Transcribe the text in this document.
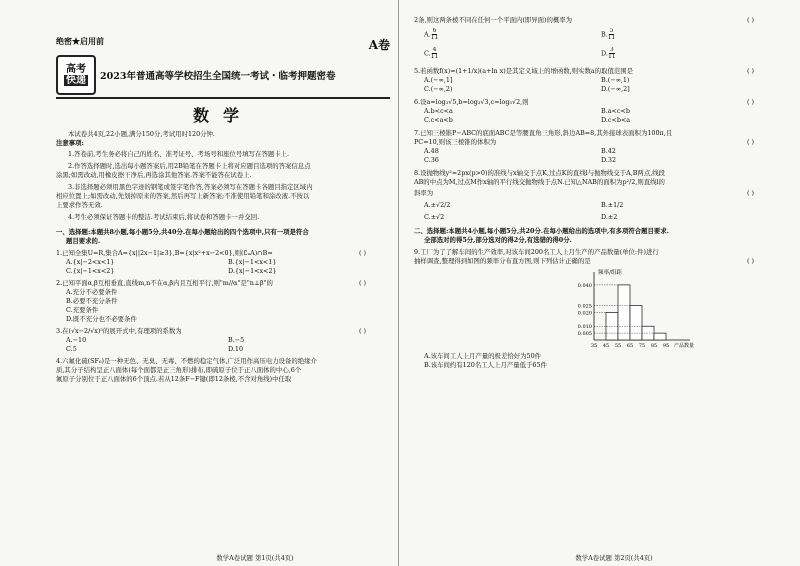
绝密★启用前	A卷
高考
快递 2023年普通高等学校招生全国统一考试・临考押题密卷
数学

本试卷共4页,22小题,满分150分,考试用时120分钟.

注意事项:

1.答卷前,考生务必将自己的姓名、准考证号、考场号和座位号填写在答题卡上.

2.作答选择题时,选出每小题答案后,用2B铅笔在答题卡上将对应题目选项的答案信息点

涂黑;如需改动,用橡皮擦干净后,再选涂其他答案.答案不能答在试卷上.

3.非选择题必须用黑色字迹的钢笔或签字笔作答,答案必须写在答题卡各题目指定区域内

相应位置上;如需改动,先划掉原来的答案,然后再写上新答案;不准使用铅笔和涂改液.不按以

上要求作答无效.

4.考生必须保证答题卡的整洁.考试结束后,将试卷和答题卡一并交回.

一、选择题:本题共8小题,每小题5分,共40分.在每小题给出的四个选项中,只有一项是符合

题目要求的.

1.已知全集U=R,集合A={x||2x−1|≥3},B={x|x²+x−2<0},则(∁ᵤA)∩B=	( )

A.{x|−2<x<1}	B.{x|−1<x<1}
C.{x|−1<x<2}	D.{x|−1<x<2}

2.已知平面α,β互相垂直,直线m,n不在α,β内且互相平行,则"m//α"是"n⊥β"的	( )

A.充分不必要条件

B.必要不充分条件

C.充要条件

D.既不充分也不必要条件

3.在(√x−2/√x)⁵的展开式中,有理项的系数为	( )

A.−10	B.−5
C.5	D.10

4.六氟化硫(SF₆)是一种无色、无臭、无毒、不燃的稳定气体,广泛用作高压电力设备的绝缘介

质,其分子结构呈正八面体(每个面都是正三角形)排布,即硫原子位于正八面体的中心,6个

氟原子分别位于正八面体的6个顶点.若从12条F−F键(即12条棱,不含对角线)中任取

数学A卷试题 第1页(共4页)

2条,则这两条棱不同在任何一个平面内(即异面)的概率为	( )

A. $\frac{6}{11}$	B. $\frac{5}{11}$
C. $\frac{4}{11}$	D. $\frac{3}{11}$

5.若函数f(x)=(1+1/x)(a+ln x)是其定义域上的增函数,则实数a的取值范围是	( )

A.(−∞,1]	B.(−∞,1)
C.(−∞,2)	D.(−∞,2]

6.设a=log₃√5,b=log₃√3,c=log₅√2,则	( )

A.b<c<a	B.a<c<b
C.c<a<b	D.c<b<a

7.已知三棱锥P−ABC的底面ABC是等腰直角三角形,斜边AB=8,其外接球表面积为100π,且

PC=10,则该三棱锥的体积为	( )

A.48	B.42
C.36	D.32

8.设抛物线y²=2px(p>0)的准线与x轴交于点K,过点K的直线l与抛物线交于A,B两点,线段

AB的中点为M,过点M作x轴的平行线交抛物线于点N.已知△NAB的面积为p²/2,则直线l的

斜率为	( )

A.±√2/2	B.±1/2
C.±√2	D.±2

二、选择题:本题共4小题,每小题5分,共20分.在每小题给出的选项中,有多项符合题目要求.

全部选对的得5分,部分选对的得2分,有选错的得0分.

9.工厂为了了解车间的生产效率,对该车间200名工人上月生产的产品数量(单位:件)进行

抽样调查,整理得到如图的频率分布直方图,则下列估计正确的是	( )

频率/组距
0.040
0.025
0.020
0.010
0.005
35 45 55 65 75 85 95 产品数量

A.该车间工人上月产量的极差恰好为50件

B.该车间约有120名工人上月产量低于65件

数学A卷试题 第2页(共4页)
